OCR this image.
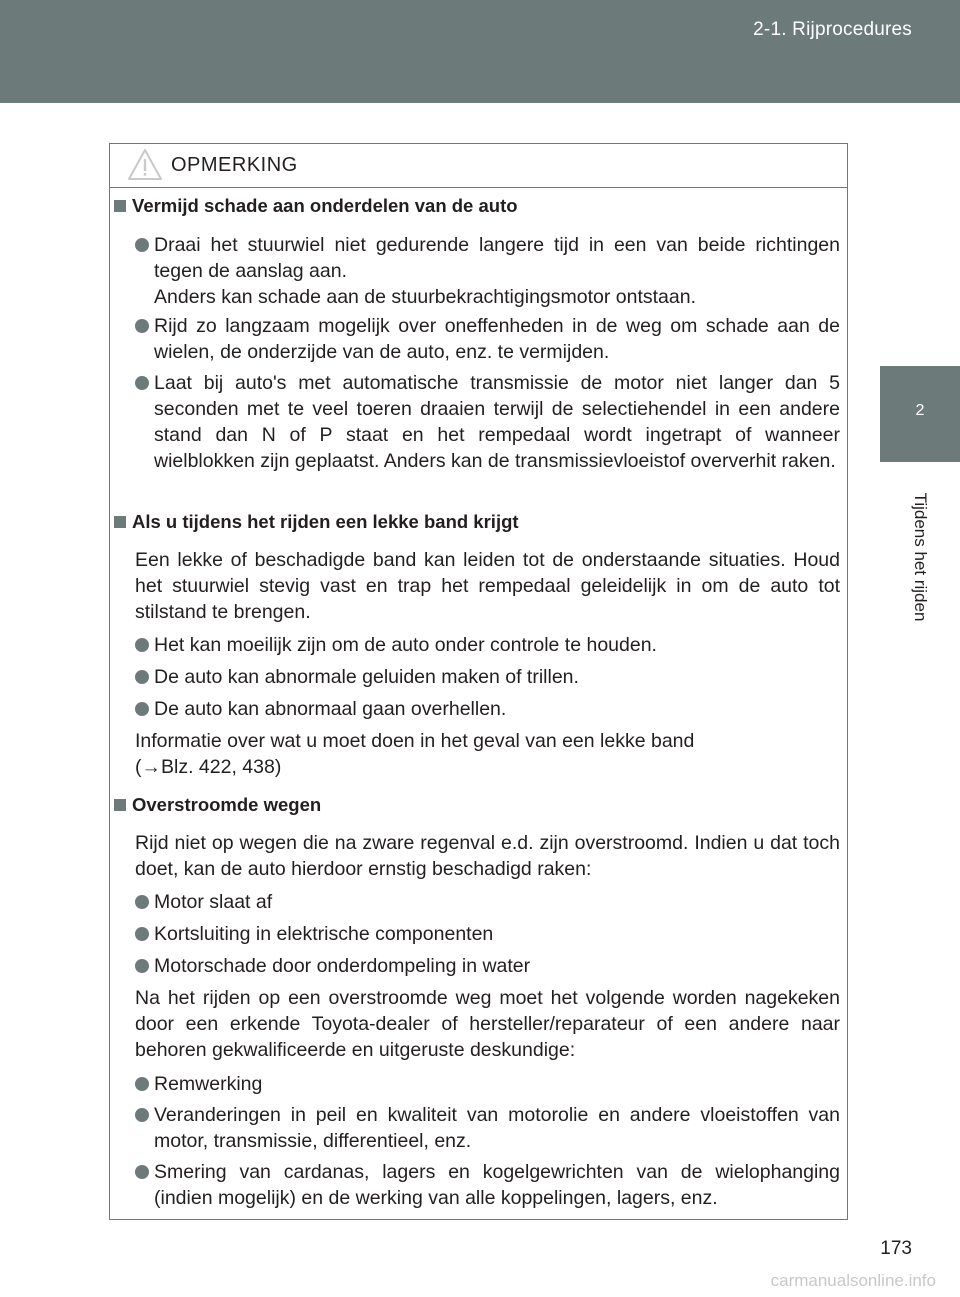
2-1. Rijprocedures
2
Tijdens het rijden
OPMERKING
Vermijd schade aan onderdelen van de auto
Draai het stuurwiel niet gedurende langere tijd in een van beide richtingen tegen de aanslag aan.
Anders kan schade aan de stuurbekrachtigingsmotor ontstaan.
Rijd zo langzaam mogelijk over oneffenheden in de weg om schade aan de wielen, de onderzijde van de auto, enz. te vermijden.
Laat bij auto's met automatische transmissie de motor niet langer dan 5 seconden met te veel toeren draaien terwijl de selectiehendel in een andere stand dan N of P staat en het rempedaal wordt ingetrapt of wanneer wielblokken zijn geplaatst. Anders kan de transmissievloeistof oververhit raken.
Als u tijdens het rijden een lekke band krijgt
Een lekke of beschadigde band kan leiden tot de onderstaande situaties. Houd het stuurwiel stevig vast en trap het rempedaal geleidelijk in om de auto tot stilstand te brengen.
Het kan moeilijk zijn om de auto onder controle te houden.
De auto kan abnormale geluiden maken of trillen.
De auto kan abnormaal gaan overhellen.
Informatie over wat u moet doen in het geval van een lekke band
(→Blz. 422, 438)
Overstroomde wegen
Rijd niet op wegen die na zware regenval e.d. zijn overstroomd. Indien u dat toch doet, kan de auto hierdoor ernstig beschadigd raken:
Motor slaat af
Kortsluiting in elektrische componenten
Motorschade door onderdompeling in water
Na het rijden op een overstroomde weg moet het volgende worden nagekeken door een erkende Toyota-dealer of hersteller/reparateur of een andere naar behoren gekwalificeerde en uitgeruste deskundige:
Remwerking
Veranderingen in peil en kwaliteit van motorolie en andere vloeistoffen van motor, transmissie, differentieel, enz.
Smering van cardanas, lagers en kogelgewrichten van de wielophanging (indien mogelijk) en de werking van alle koppelingen, lagers, enz.
173
carmanualsonline.info
